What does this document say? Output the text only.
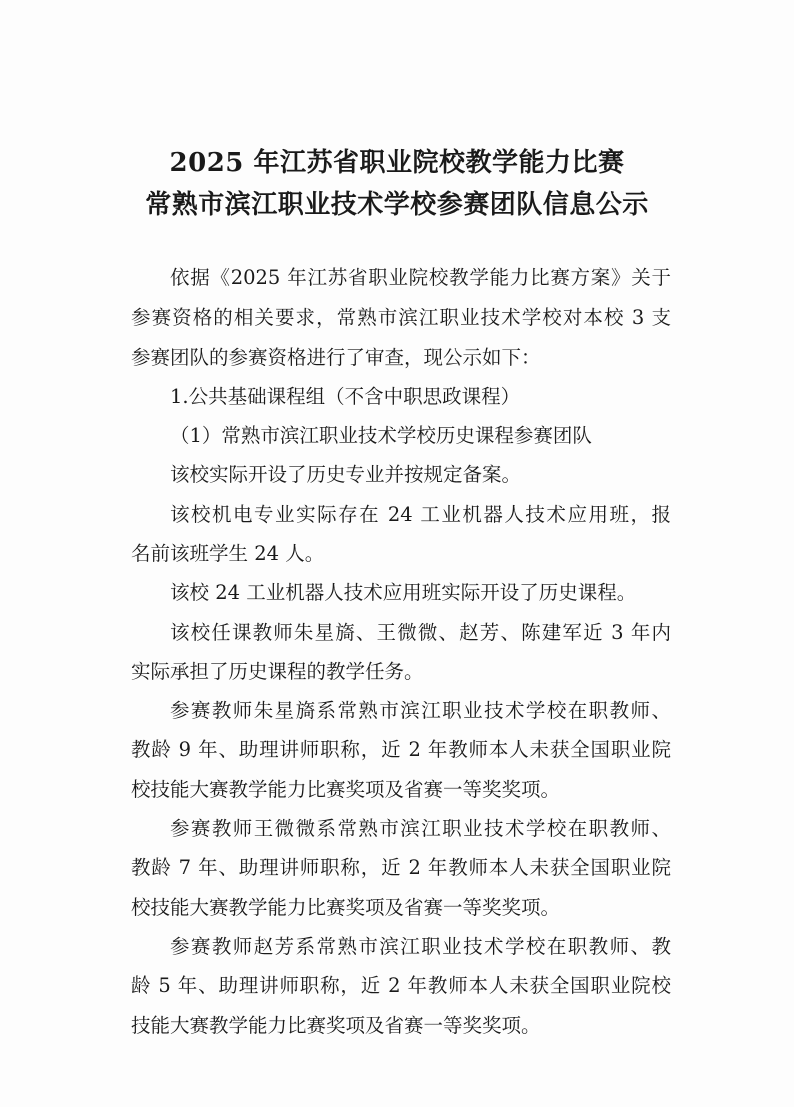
2025 年江苏省职业院校教学能力比赛
常熟市滨江职业技术学校参赛团队信息公示
依据《2025 年江苏省职业院校教学能力比赛方案》关于
参赛资格的相关要求，常熟市滨江职业技术学校对本校 3 支
参赛团队的参赛资格进行了审查，现公示如下：
1.公共基础课程组（不含中职思政课程）
（1）常熟市滨江职业技术学校历史课程参赛团队
该校实际开设了历史专业并按规定备案。
该校机电专业实际存在 24 工业机器人技术应用班，报
名前该班学生 24 人。
该校 24 工业机器人技术应用班实际开设了历史课程。
该校任课教师朱星旖、王微微、赵芳、陈建军近 3 年内
实际承担了历史课程的教学任务。
参赛教师朱星旖系常熟市滨江职业技术学校在职教师、
教龄 9 年、助理讲师职称，近 2 年教师本人未获全国职业院
校技能大赛教学能力比赛奖项及省赛一等奖奖项。
参赛教师王微微系常熟市滨江职业技术学校在职教师、
教龄 7 年、助理讲师职称，近 2 年教师本人未获全国职业院
校技能大赛教学能力比赛奖项及省赛一等奖奖项。
参赛教师赵芳系常熟市滨江职业技术学校在职教师、教
龄 5 年、助理讲师职称，近 2 年教师本人未获全国职业院校
技能大赛教学能力比赛奖项及省赛一等奖奖项。
